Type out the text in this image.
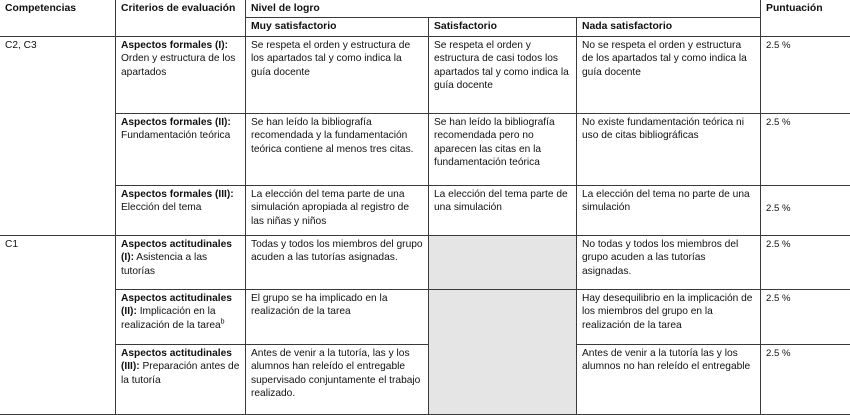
Competencias	Criterios de evaluación	Nivel de logro			Puntuación
		Muy satisfactorio	Satisfactorio	Nada satisfactorio	
C2, C3	Aspectos formales (I): Orden y estructura de los apartados	Se respeta el orden y estructura de los apartados tal y como indica la guía docente	Se respeta el orden y estructura de casi todos los apartados tal y como indica la guía docente	No se respeta el orden y estructura de los apartados tal y como indica la guía docente	2.5 %
	Aspectos formales (II): Fundamentación teórica	Se han leído la bibliografía recomendada y la fundamentación teórica contiene al menos tres citas.	Se han leído la bibliografía recomendada pero no aparecen las citas en la fundamentación teórica	No existe fundamentación teórica ni uso de citas bibliográficas	2.5 %
	Aspectos formales (III): Elección del tema	La elección del tema parte de una simulación apropiada al registro de las niñas y niños	La elección del tema parte de una simulación	La elección del tema no parte de una simulación	2.5 %
C1	Aspectos actitudinales (I): Asistencia a las tutorías	Todas y todos los miembros del grupo acuden a las tutorías asignadas.		No todas y todos los miembros del grupo acuden a las tutorías asignadas.	2.5 %
	Aspectos actitudinales (II): Implicación en la realización de la tarea$^b$	El grupo se ha implicado en la realización de la tarea		Hay desequilibrio en la implicación de los miembros del grupo en la realización de la tarea	2.5 %
	Aspectos actitudinales (III): Preparación antes de la tutoría	Antes de venir a la tutoría, las y los alumnos han releído el entregable supervisado conjuntamente el trabajo realizado.		Antes de venir a la tutoría las y los alumnos no han releído el entregable	2.5 %
